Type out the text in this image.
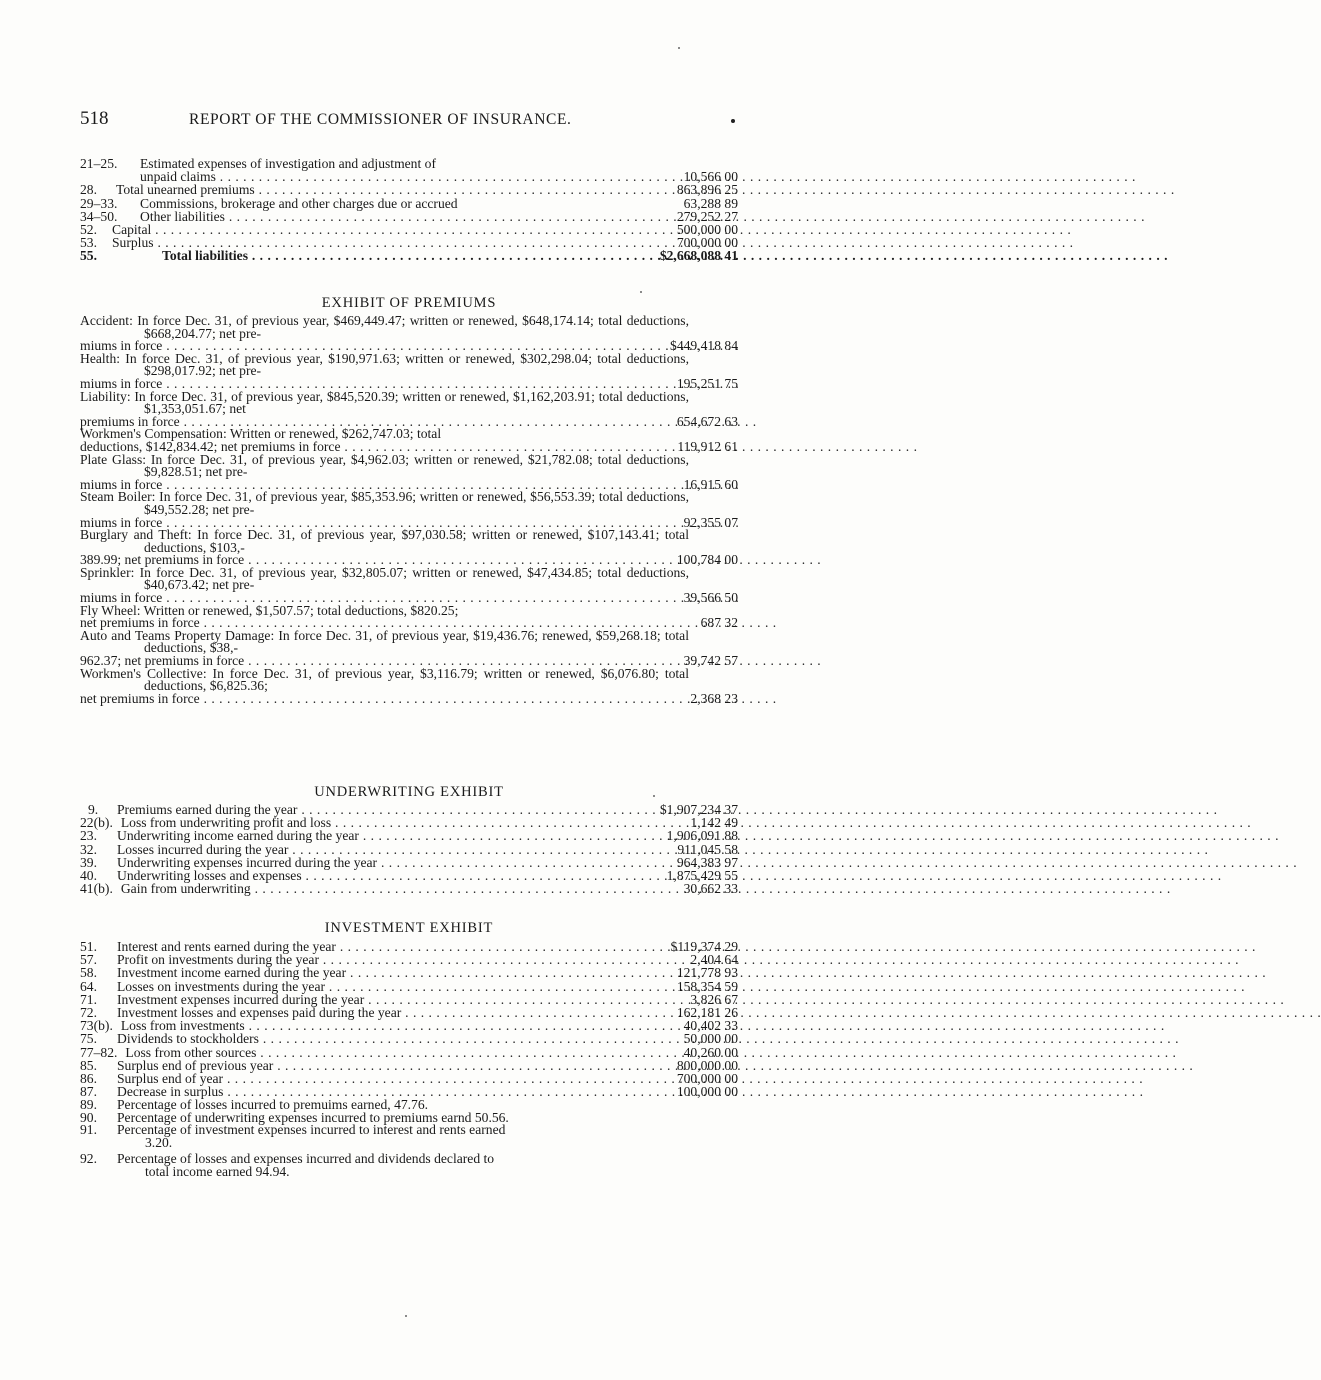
518	REPORT OF THE COMMISSIONER OF INSURANCE.
21–25. Estimated expenses of investigation and adjustment of
unpaid claims . . .	10,566 00
28. Total unearned premiums . . .	863,896 25
29–33. Commissions, brokerage and other charges due or accrued	63,288 89
34–50. Other liabilities . . .	279,252 27
52. Capital . . .	500,000 00
53. Surplus . . .	700,000 00
55.	Total liabilities . . .	$2,668,088 41
EXHIBIT OF PREMIUMS
Accident: In force Dec. 31, of previous year, $469,449.47; written or renewed, $648,174.14; total deductions, $668,204.77; net pre-
miums in force . . .	$449,418 84
Health: In force Dec. 31, of previous year, $190,971.63; written or renewed, $302,298.04; total deductions, $298,017.92; net pre-
miums in force . . .	195,251 75
Liability: In force Dec. 31, of previous year, $845,520.39; written or renewed, $1,162,203.91; total deductions, $1,353,051.67; net
premiums in force . . .	654,672 63
Workmen's Compensation: Written or renewed, $262,747.03; total
deductions, $142,834.42; net premiums in force . . .	119,912 61
Plate Glass: In force Dec. 31, of previous year, $4,962.03; written or renewed, $21,782.08; total deductions, $9,828.51; net pre-
miums in force . . .	16,915 60
Steam Boiler: In force Dec. 31, of previous year, $85,353.96; written or renewed, $56,553.39; total deductions, $49,552.28; net pre-
miums in force . . .	92,355 07
Burglary and Theft: In force Dec. 31, of previous year, $97,030.58; written or renewed, $107,143.41; total deductions, $103,-
389.99; net premiums in force . . .	100,784 00
Sprinkler: In force Dec. 31, of previous year, $32,805.07; written or renewed, $47,434.85; total deductions, $40,673.42; net pre-
miums in force . . .	39,566 50
Fly Wheel: Written or renewed, $1,507.57; total deductions, $820.25;
net premiums in force . . .	687 32
Auto and Teams Property Damage: In force Dec. 31, of previous year, $19,436.76; renewed, $59,268.18; total deductions, $38,-
962.37; net premiums in force . . .	39,742 57
Workmen's Collective: In force Dec. 31, of previous year, $3,116.79; written or renewed, $6,076.80; total deductions, $6,825.36;
net premiums in force . . .	2,368 23
UNDERWRITING EXHIBIT
9. Premiums earned during the year . . .	$1,907,234 37
22(b). Loss from underwriting profit and loss . . .	1,142 49
23. Underwriting income earned during the year . . .	1,906,091 88
32. Losses incurred during the year . . .	911,045 58
39. Underwriting expenses incurred during the year . . .	964,383 97
40. Underwriting losses and expenses . . .	1,875,429 55
41(b). Gain from underwriting . . .	30,662 33
INVESTMENT EXHIBIT
51. Interest and rents earned during the year . . .	$119,374 29
57. Profit on investments during the year . . .	2,404 64
58. Investment income earned during the year . . .	121,778 93
64. Losses on investments during the year . . .	158,354 59
71. Investment expenses incurred during the year . . .	3,826 67
72. Investment losses and expenses paid during the year . . .	162,181 26
73(b). Loss from investments . . .	40,402 33
75. Dividends to stockholders . . .	50,000 00
77–82. Loss from other sources . . .	40,260 00
85. Surplus end of previous year . . .	800,000 00
86. Surplus end of year . . .	700,000 00
87. Decrease in surplus . . .	100,000 00
89. Percentage of losses incurred to premuims earned, 47.76.
90. Percentage of underwriting expenses incurred to premiums earnd 50.56.
91. Percentage of investment expenses incurred to interest and rents earned
3.20.
92. Percentage of losses and expenses incurred and dividends declared to
total income earned 94.94.
